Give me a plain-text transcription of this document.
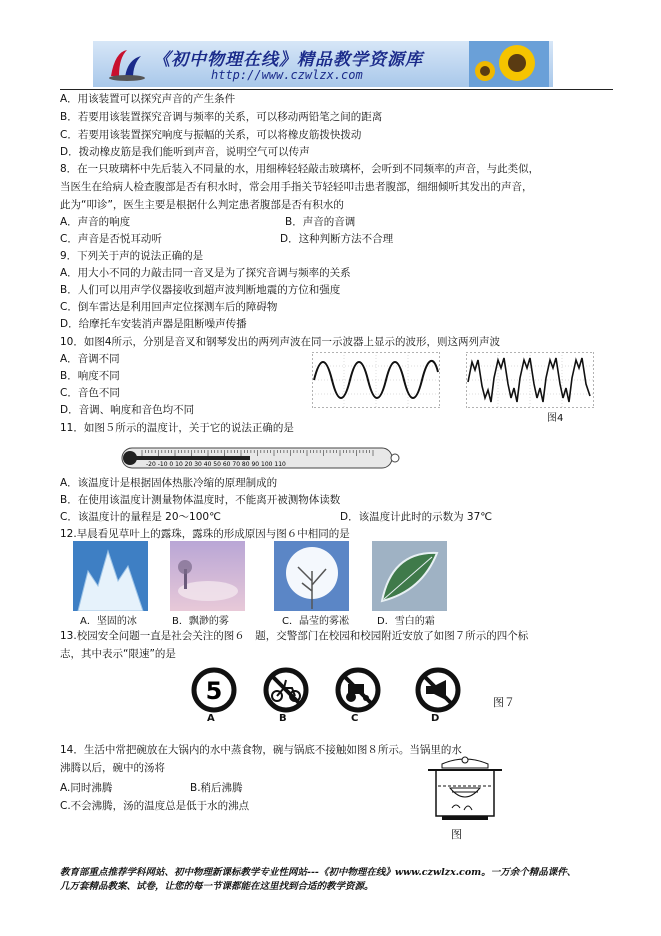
《初中物理在线》精品教学资源库
http://www.czwlzx.com
A．用该装置可以探究声音的产生条件
B．若要用该装置探究音调与频率的关系，可以移动两铅笔之间的距离
C．若要用该装置探究响度与振幅的关系，可以将橡皮筋拨快拨动
D．拨动橡皮筋是我们能听到声音，说明空气可以传声
8．在一只玻璃杯中先后装入不同量的水，用细棒轻轻敲击玻璃杯，会听到不同频率的声音，与此类似，
当医生在给病人检查腹部是否有积水时，常会用手指关节轻轻叩击患者腹部，细细倾听其发出的声音，
此为“叩诊”，医生主要是根据什么判定患者腹部是否有积水的
A．声音的响度	B．声音的音调
C．声音是否悦耳动听	D．这种判断方法不合理
9．下列关于声的说法正确的是
A．用大小不同的力敲击同一音叉是为了探究音调与频率的关系
B．人们可以用声学仪器接收到超声波判断地震的方位和强度
C．倒车雷达是利用回声定位探测车后的障碍物
D．给摩托车安装消声器是阻断噪声传播
10．如图4所示，分别是音叉和钢琴发出的两列声波在同一示波器上显示的波形，则这两列声波
A．音调不同
B．响度不同
C．音色不同
D．音调、响度和音色均不同
图4
11．如图５所示的温度计，关于它的说法正确的是
-20 -10 0 10 20 30 40 50 60 70 80 90 100 110
A．该温度计是根据固体热胀冷缩的原理制成的
B．在使用该温度计测量物体温度时，不能离开被测物体读数
C．该温度计的量程是 20～100℃	D．该温度计此时的示数为 37℃
12.早晨看见草叶上的露珠，露珠的形成原因与图６中相同的是
A．坚固的冰	B．飘渺的雾	C．晶莹的雾凇	D．雪白的霜
13.校园安全问题一直是社会关注的图６　题，交警部门在校园和校园附近安放了如图７所示的四个标
志，其中表示“限速”的是
5
A	B	C	D
图７
14．生活中常把碗放在大锅内的水中蒸食物，碗与锅底不接触如图８所示。当锅里的水
沸腾以后，碗中的汤将
A.同时沸腾	B.稍后沸腾
C.不会沸腾，汤的温度总是低于水的沸点
图
教育部重点推荐学科网站、初中物理新课标教学专业性网站---《初中物理在线》www.czwlzx.com。一万余个精品课件、
几万套精品教案、试卷，让您的每一节课都能在这里找到合适的教学资源。
